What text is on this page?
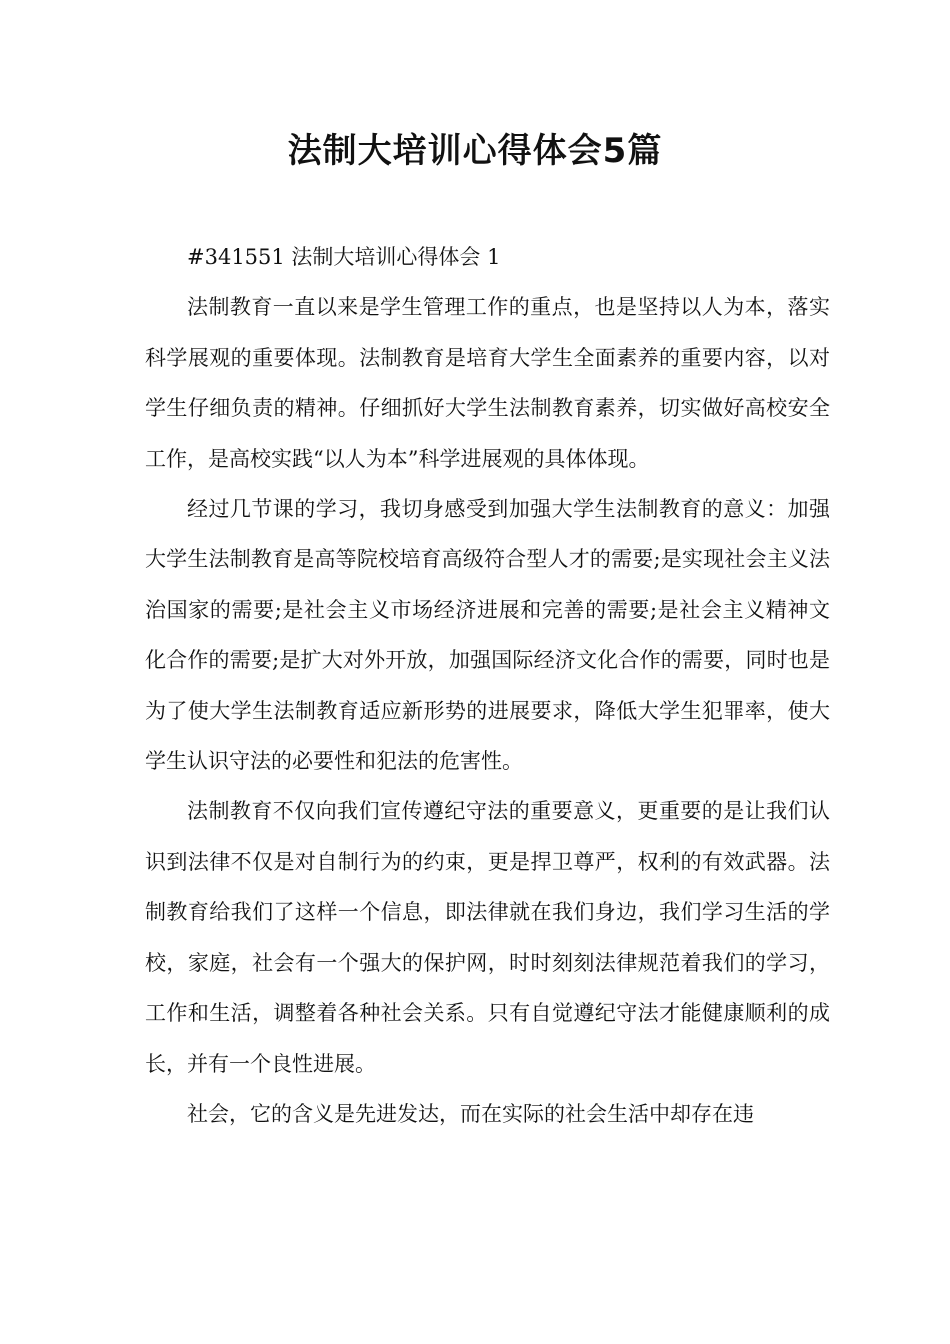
法制大培训心得体会5篇

#341551 法制大培训心得体会 1

法制教育一直以来是学生管理工作的重点，也是坚持以人为本，落实科学展观的重要体现。法制教育是培育大学生全面素养的重要内容，以对学生仔细负责的精神。仔细抓好大学生法制教育素养，切实做好高校安全工作，是高校实践“以人为本”科学进展观的具体体现。

经过几节课的学习，我切身感受到加强大学生法制教育的意义：加强大学生法制教育是高等院校培育高级符合型人才的需要;是实现社会主义法治国家的需要;是社会主义市场经济进展和完善的需要;是社会主义精神文化合作的需要;是扩大对外开放，加强国际经济文化合作的需要，同时也是为了使大学生法制教育适应新形势的进展要求，降低大学生犯罪率，使大学生认识守法的必要性和犯法的危害性。

法制教育不仅向我们宣传遵纪守法的重要意义，更重要的是让我们认识到法律不仅是对自制行为的约束，更是捍卫尊严，权利的有效武器。法制教育给我们了这样一个信息，即法律就在我们身边，我们学习生活的学校，家庭，社会有一个强大的保护网，时时刻刻法律规范着我们的学习，工作和生活，调整着各种社会关系。只有自觉遵纪守法才能健康顺利的成长，并有一个良性进展。

社会，它的含义是先进发达，而在实际的社会生活中却存在违
